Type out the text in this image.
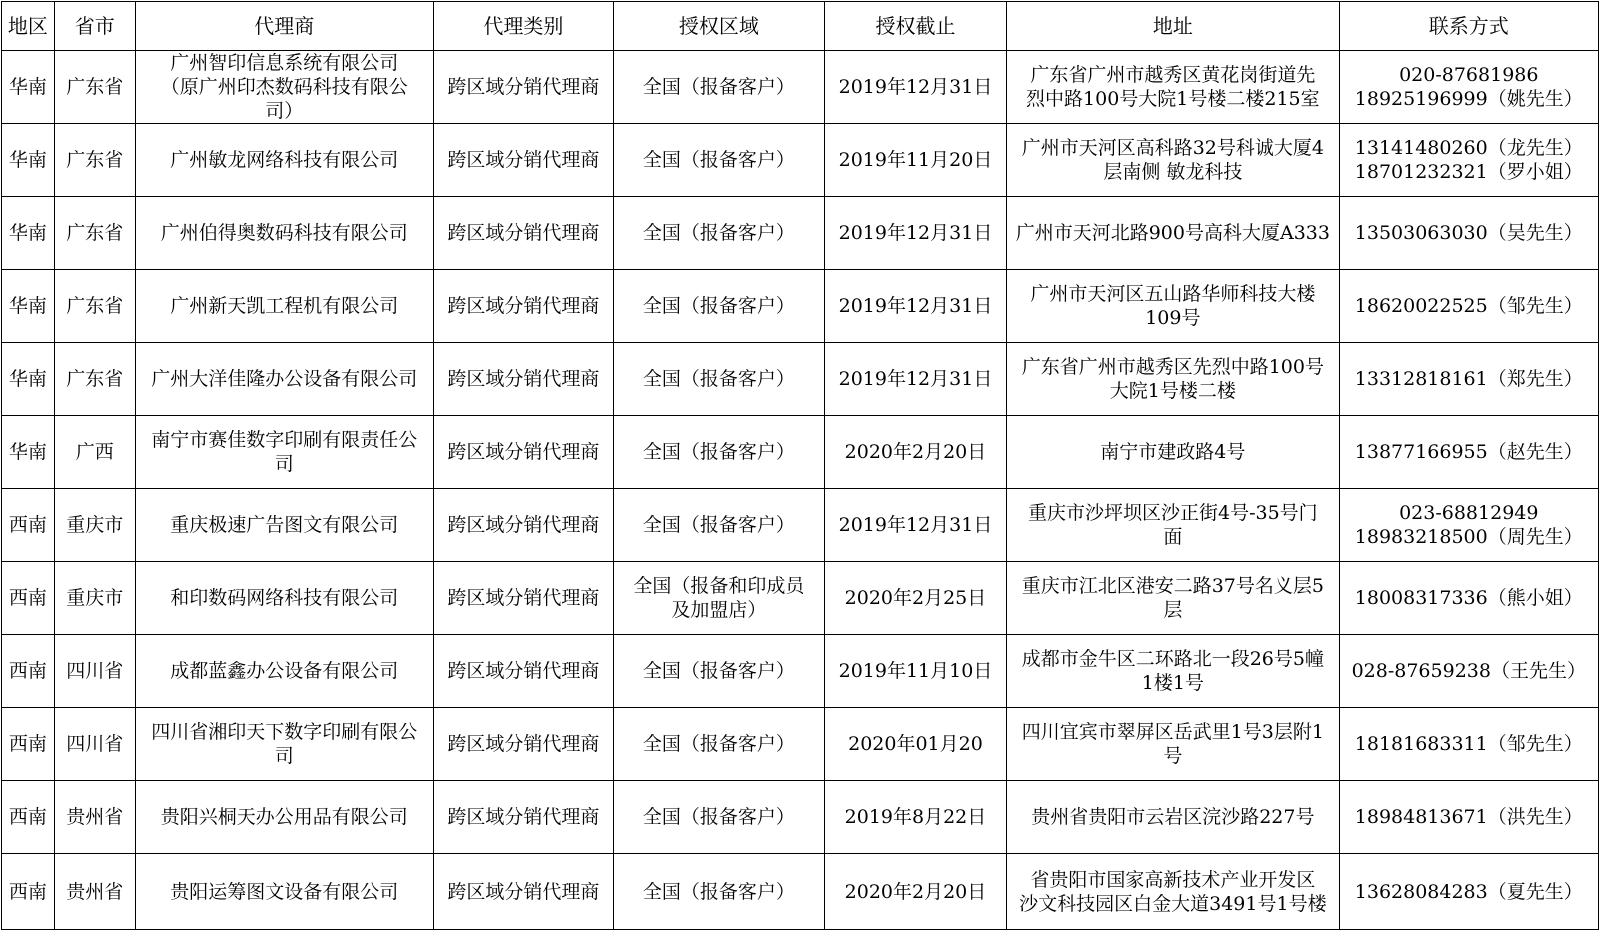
地区	省市	代理商	代理类别	授权区域	授权截止	地址	联系方式
华南	广东省	广州智印信息系统有限公司
（原广州印杰数码科技有限公
司）	跨区域分销代理商	全国（报备客户）	2019年12月31日	广东省广州市越秀区黄花岗街道先
烈中路100号大院1号楼二楼215室	020-87681986
18925196999（姚先生）

华南	广东省	广州敏龙网络科技有限公司	跨区域分销代理商	全国（报备客户）	2019年11月20日	广州市天河区高科路32号科诚大厦4
层南侧 敏龙科技	13141480260（龙先生）
18701232321（罗小姐）

华南	广东省	广州伯得奥数码科技有限公司	跨区域分销代理商	全国（报备客户）	2019年12月31日	广州市天河北路900号高科大厦A333	13503063030（吴先生）

华南	广东省	广州新天凯工程机有限公司	跨区域分销代理商	全国（报备客户）	2019年12月31日	广州市天河区五山路华师科技大楼
109号	18620022525（邹先生）

华南	广东省	广州大洋佳隆办公设备有限公司	跨区域分销代理商	全国（报备客户）	2019年12月31日	广东省广州市越秀区先烈中路100号
大院1号楼二楼	13312818161（郑先生）

华南	广西	南宁市赛佳数字印刷有限责任公
司	跨区域分销代理商	全国（报备客户）	2020年2月20日	南宁市建政路4号	13877166955（赵先生）

西南	重庆市	重庆极速广告图文有限公司	跨区域分销代理商	全国（报备客户）	2019年12月31日	重庆市沙坪坝区沙正街4号-35号门
面	023-68812949
18983218500（周先生）

西南	重庆市	和印数码网络科技有限公司	跨区域分销代理商	全国（报备和印成员
及加盟店）	2020年2月25日	重庆市江北区港安二路37号名义层5
层	18008317336（熊小姐）

西南	四川省	成都蓝鑫办公设备有限公司	跨区域分销代理商	全国（报备客户）	2019年11月10日	成都市金牛区二环路北一段26号5幢
1楼1号	028-87659238（王先生）

西南	四川省	四川省湘印天下数字印刷有限公
司	跨区域分销代理商	全国（报备客户）	2020年01月20	四川宜宾市翠屏区岳武里1号3层附1
号	18181683311（邹先生）

西南	贵州省	贵阳兴桐天办公用品有限公司	跨区域分销代理商	全国（报备客户）	2019年8月22日	贵州省贵阳市云岩区浣沙路227号	18984813671（洪先生）

西南	贵州省	贵阳运筹图文设备有限公司	跨区域分销代理商	全国（报备客户）	2020年2月20日	省贵阳市国家高新技术产业开发区
沙文科技园区白金大道3491号1号楼	13628084283（夏先生）
